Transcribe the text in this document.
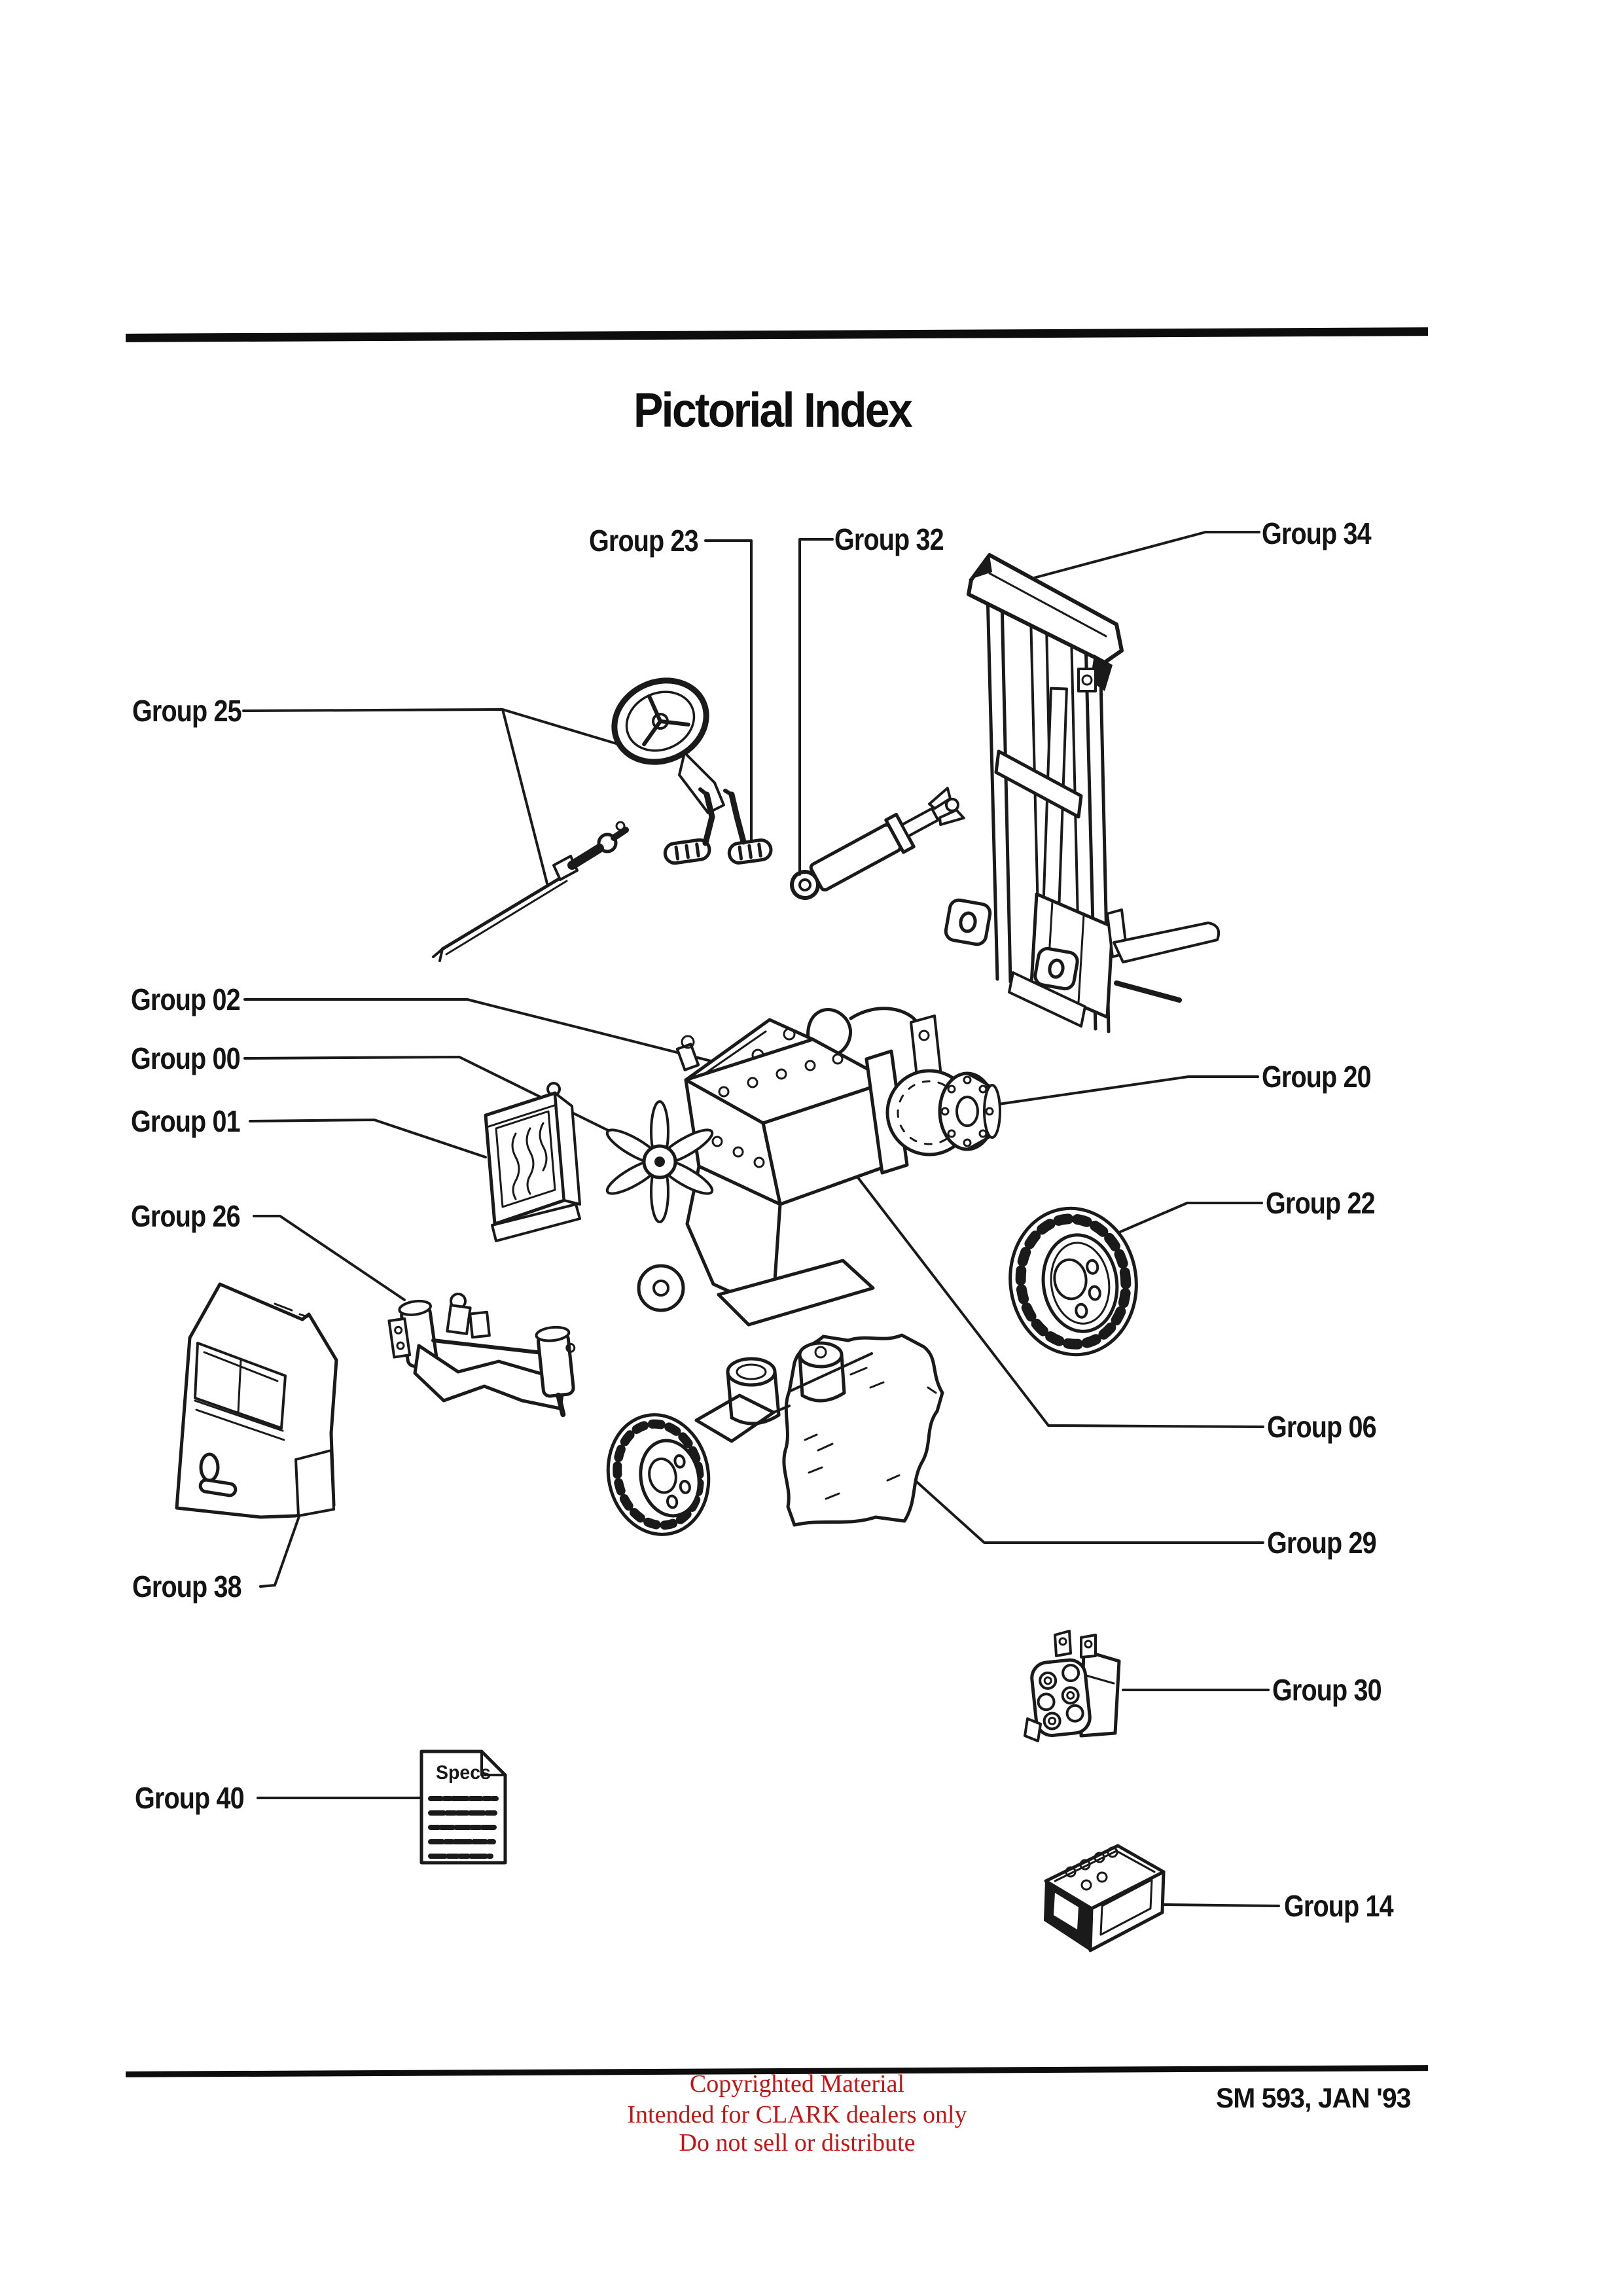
Pictorial Index
Group 23	Group 32	Group 34
Group 25
Group 02
Group 00
Group 01
Group 26
Group 20
Group 22
Group 06
Group 29
Group 38
Group 30
Group 40
Group 14
Specs
Copyrighted Material
Intended for CLARK dealers only
Do not sell or distribute
SM 593, JAN '93
